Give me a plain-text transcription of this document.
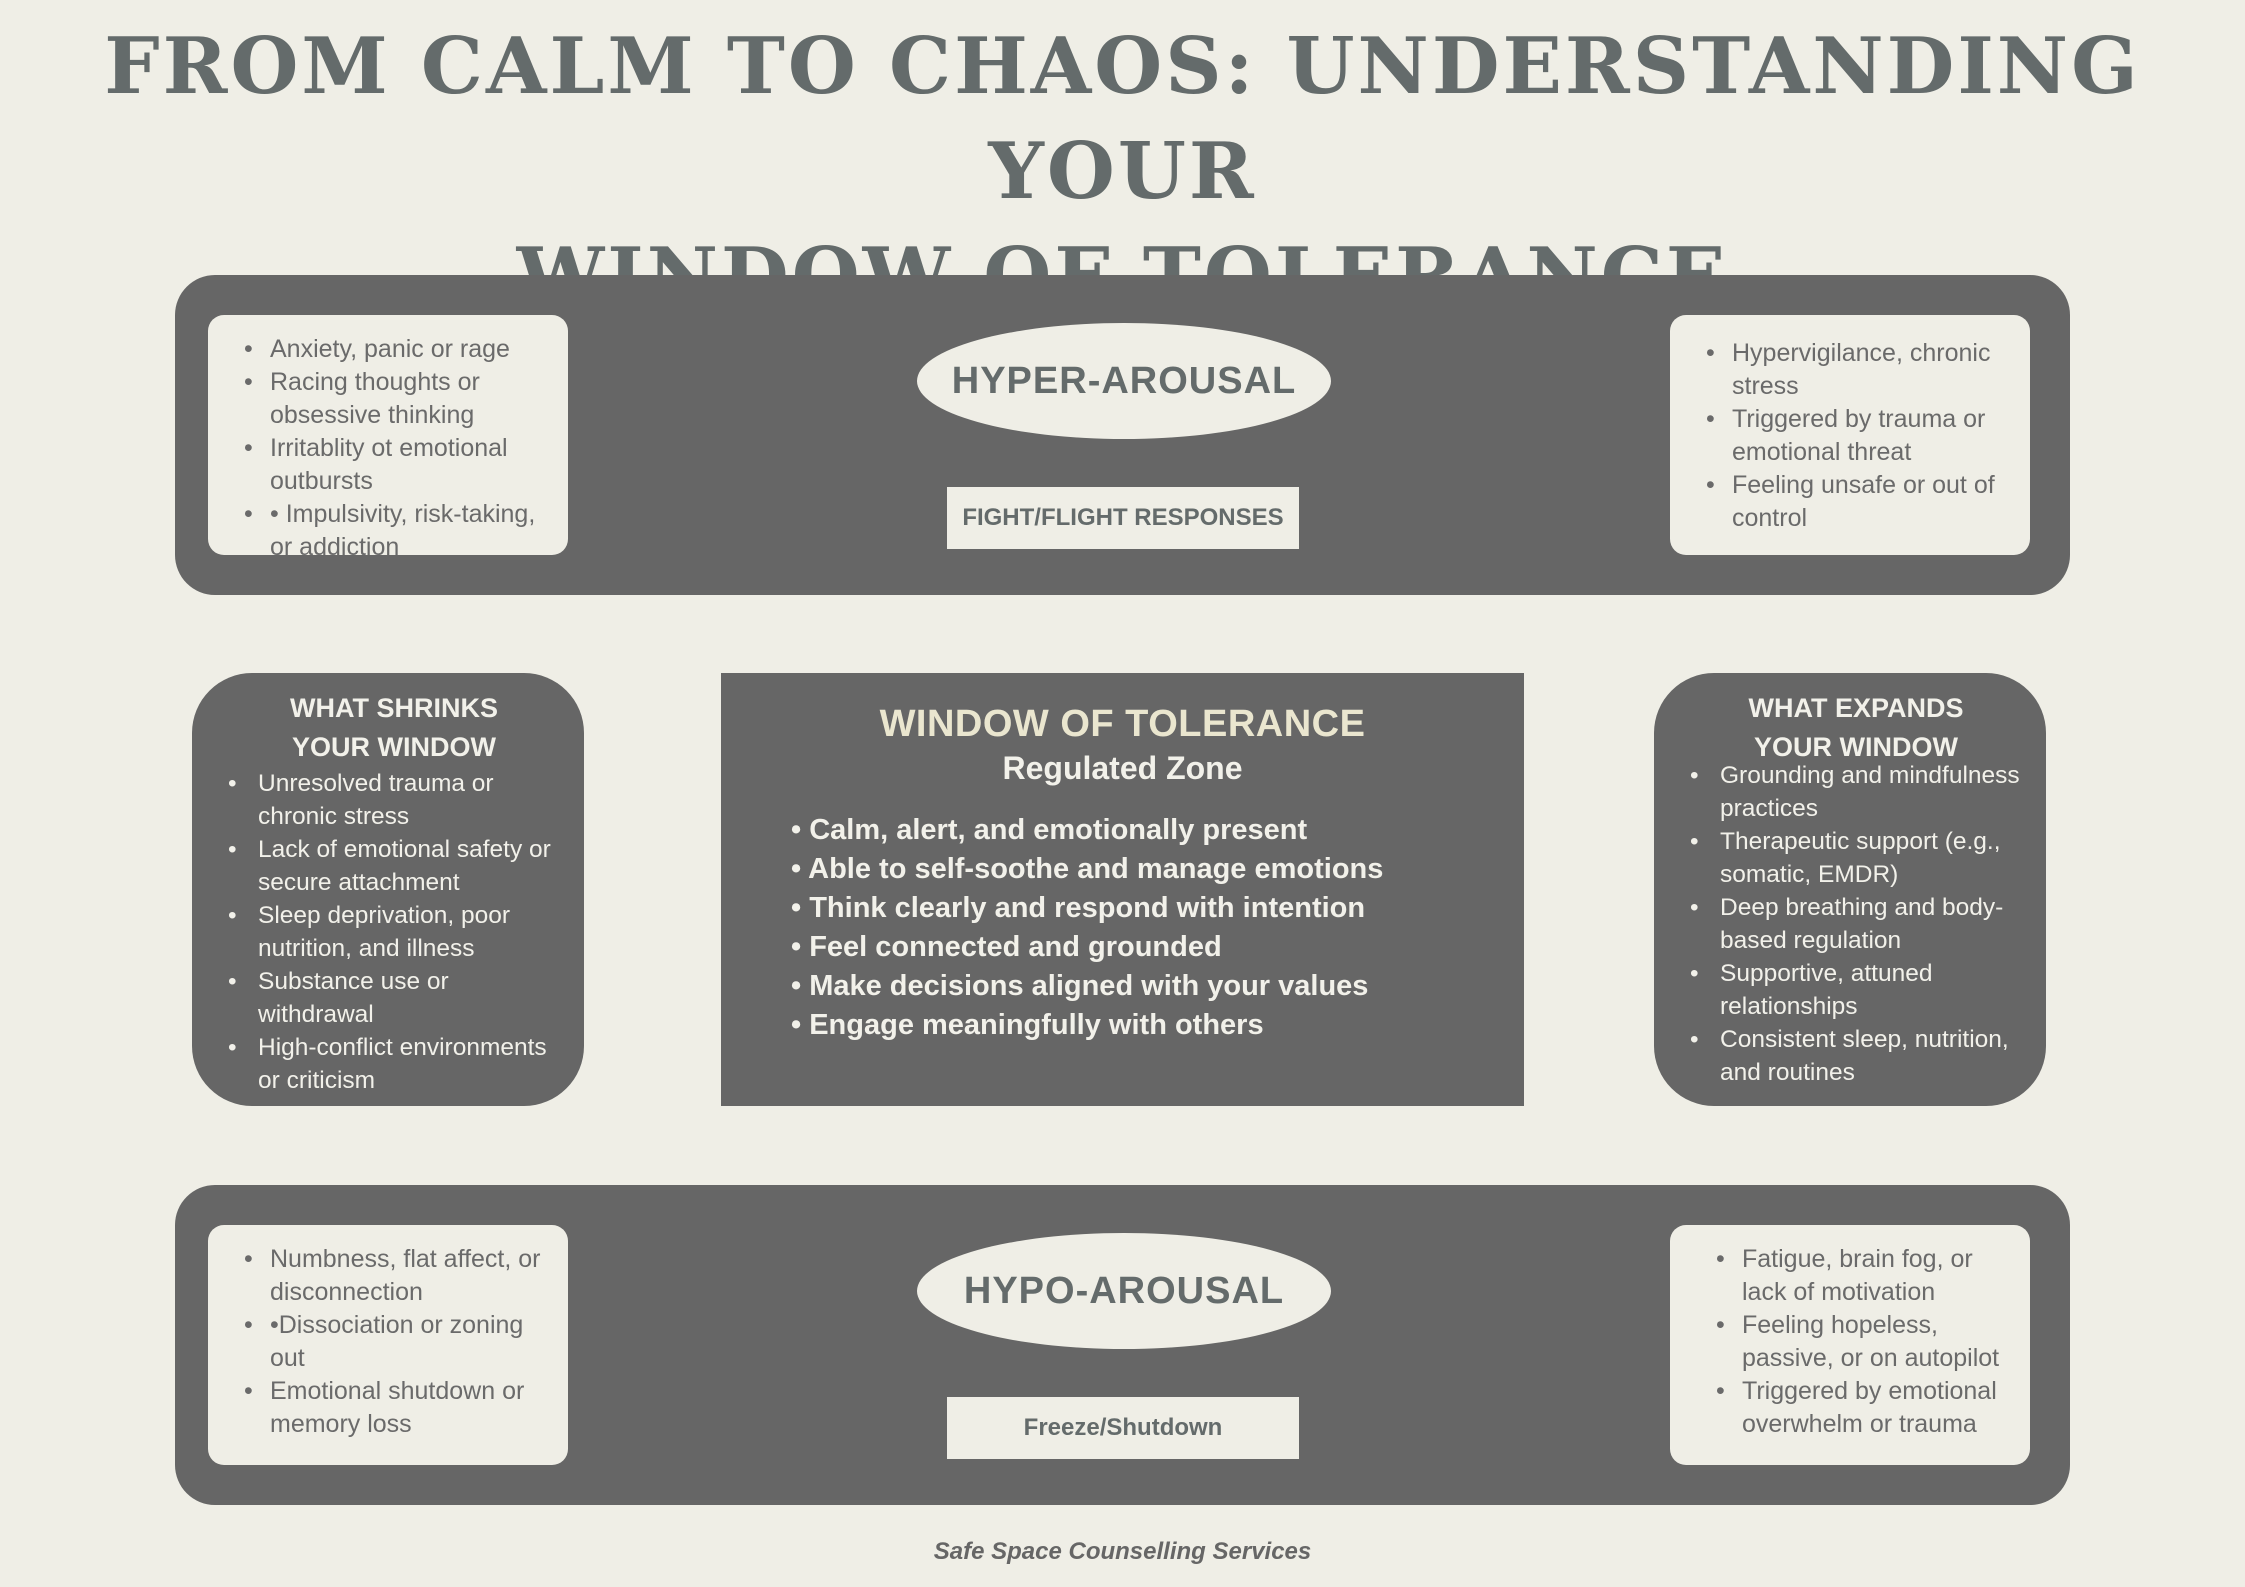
FROM CALM TO CHAOS: UNDERSTANDING YOUR
• Anxiety, panic or rage
• Racing thoughts or obsessive thinking
• Irritablity ot emotional outbursts
• • Impulsivity, risk-taking, or addiction
HYPER-AROUSAL
FIGHT/FLIGHT RESPONSES
• Hypervigilance, chronic stress
• Triggered by trauma or emotional threat
• Feeling unsafe or out of control
WHAT SHRINKS
YOUR WINDOW
• Unresolved trauma or chronic stress
• Lack of emotional safety or secure attachment
• Sleep deprivation, poor nutrition, and illness
• Substance use or withdrawal
• High-conflict environments or criticism
WINDOW OF TOLERANCE
Regulated Zone
• Calm, alert, and emotionally present
• Able to self-soothe and manage emotions
• Think clearly and respond with intention
• Feel connected and grounded
• Make decisions aligned with your values
• Engage meaningfully with others
WHAT EXPANDS
YOUR WINDOW
• Grounding and mindfulness practices
• Therapeutic support (e.g., somatic, EMDR)
• Deep breathing and body-based regulation
• Supportive, attuned relationships
• Consistent sleep, nutrition, and routines
• Numbness, flat affect, or disconnection
• •Dissociation or zoning out
• Emotional shutdown or memory loss
HYPO-AROUSAL
Freeze/Shutdown
• Fatigue, brain fog, or lack of motivation
• Feeling hopeless, passive, or on autopilot
• Triggered by emotional overwhelm or trauma
Safe Space Counselling Services
